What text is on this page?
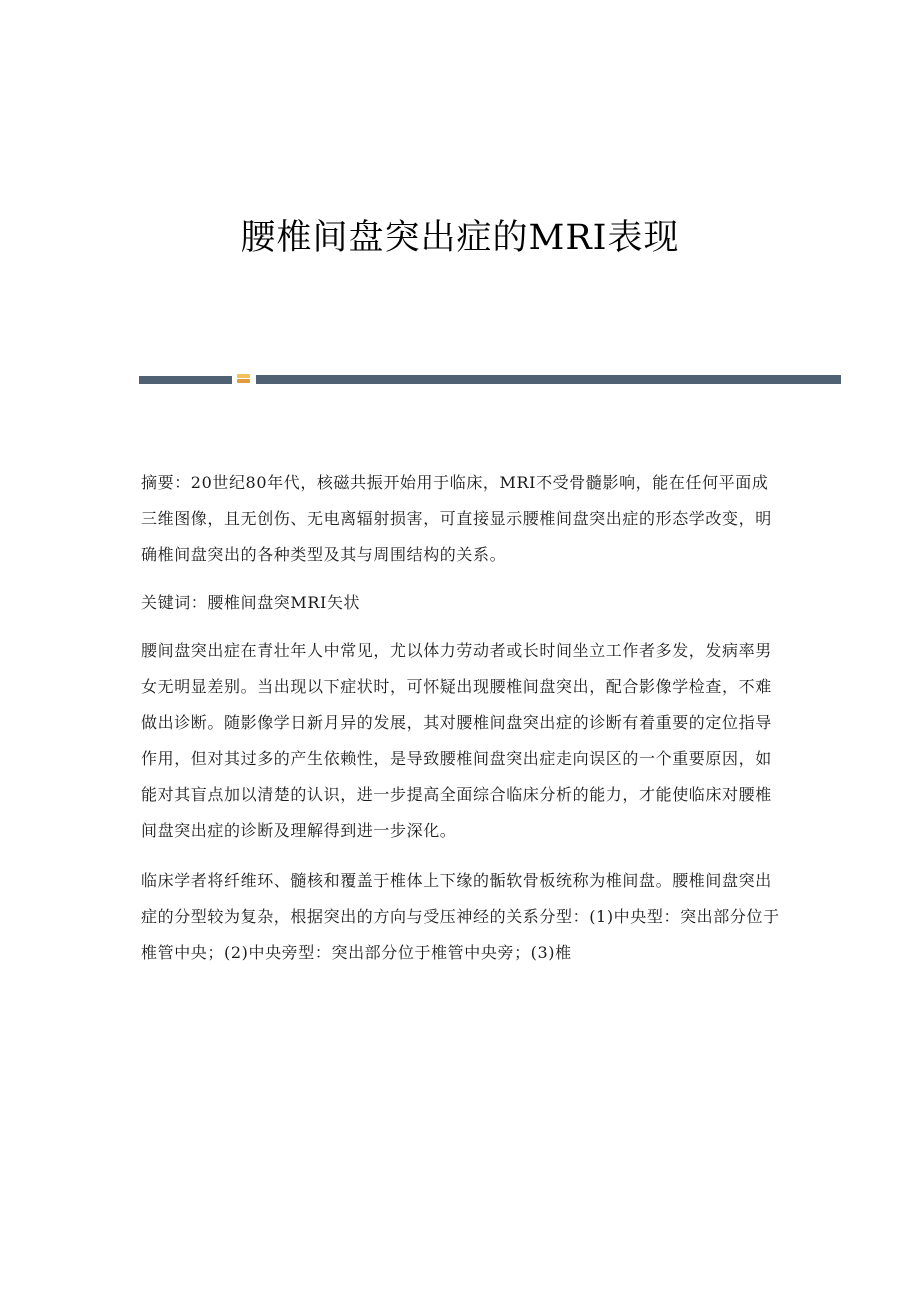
腰椎间盘突出症的MRI表现

摘要：20世纪80年代，核磁共振开始用于临床，MRI不受骨髓影响，能在任何平面成三维图像，且无创伤、无电离辐射损害，可直接显示腰椎间盘突出症的形态学改变，明确椎间盘突出的各种类型及其与周围结构的关系。

关键词：腰椎间盘突MRI矢状

腰间盘突出症在青壮年人中常见，尤以体力劳动者或长时间坐立工作者多发，发病率男女无明显差别。当出现以下症状时，可怀疑出现腰椎间盘突出，配合影像学检查，不难做出诊断。随影像学日新月异的发展，其对腰椎间盘突出症的诊断有着重要的定位指导作用，但对其过多的产生依赖性，是导致腰椎间盘突出症走向误区的一个重要原因，如能对其盲点加以清楚的认识，进一步提高全面综合临床分析的能力，才能使临床对腰椎间盘突出症的诊断及理解得到进一步深化。

临床学者将纤维环、髓核和覆盖于椎体上下缘的骺软骨板统称为椎间盘。腰椎间盘突出症的分型较为复杂，根据突出的方向与受压神经的关系分型：(1)中央型：突出部分位于椎管中央；(2)中央旁型：突出部分位于椎管中央旁；(3)椎
